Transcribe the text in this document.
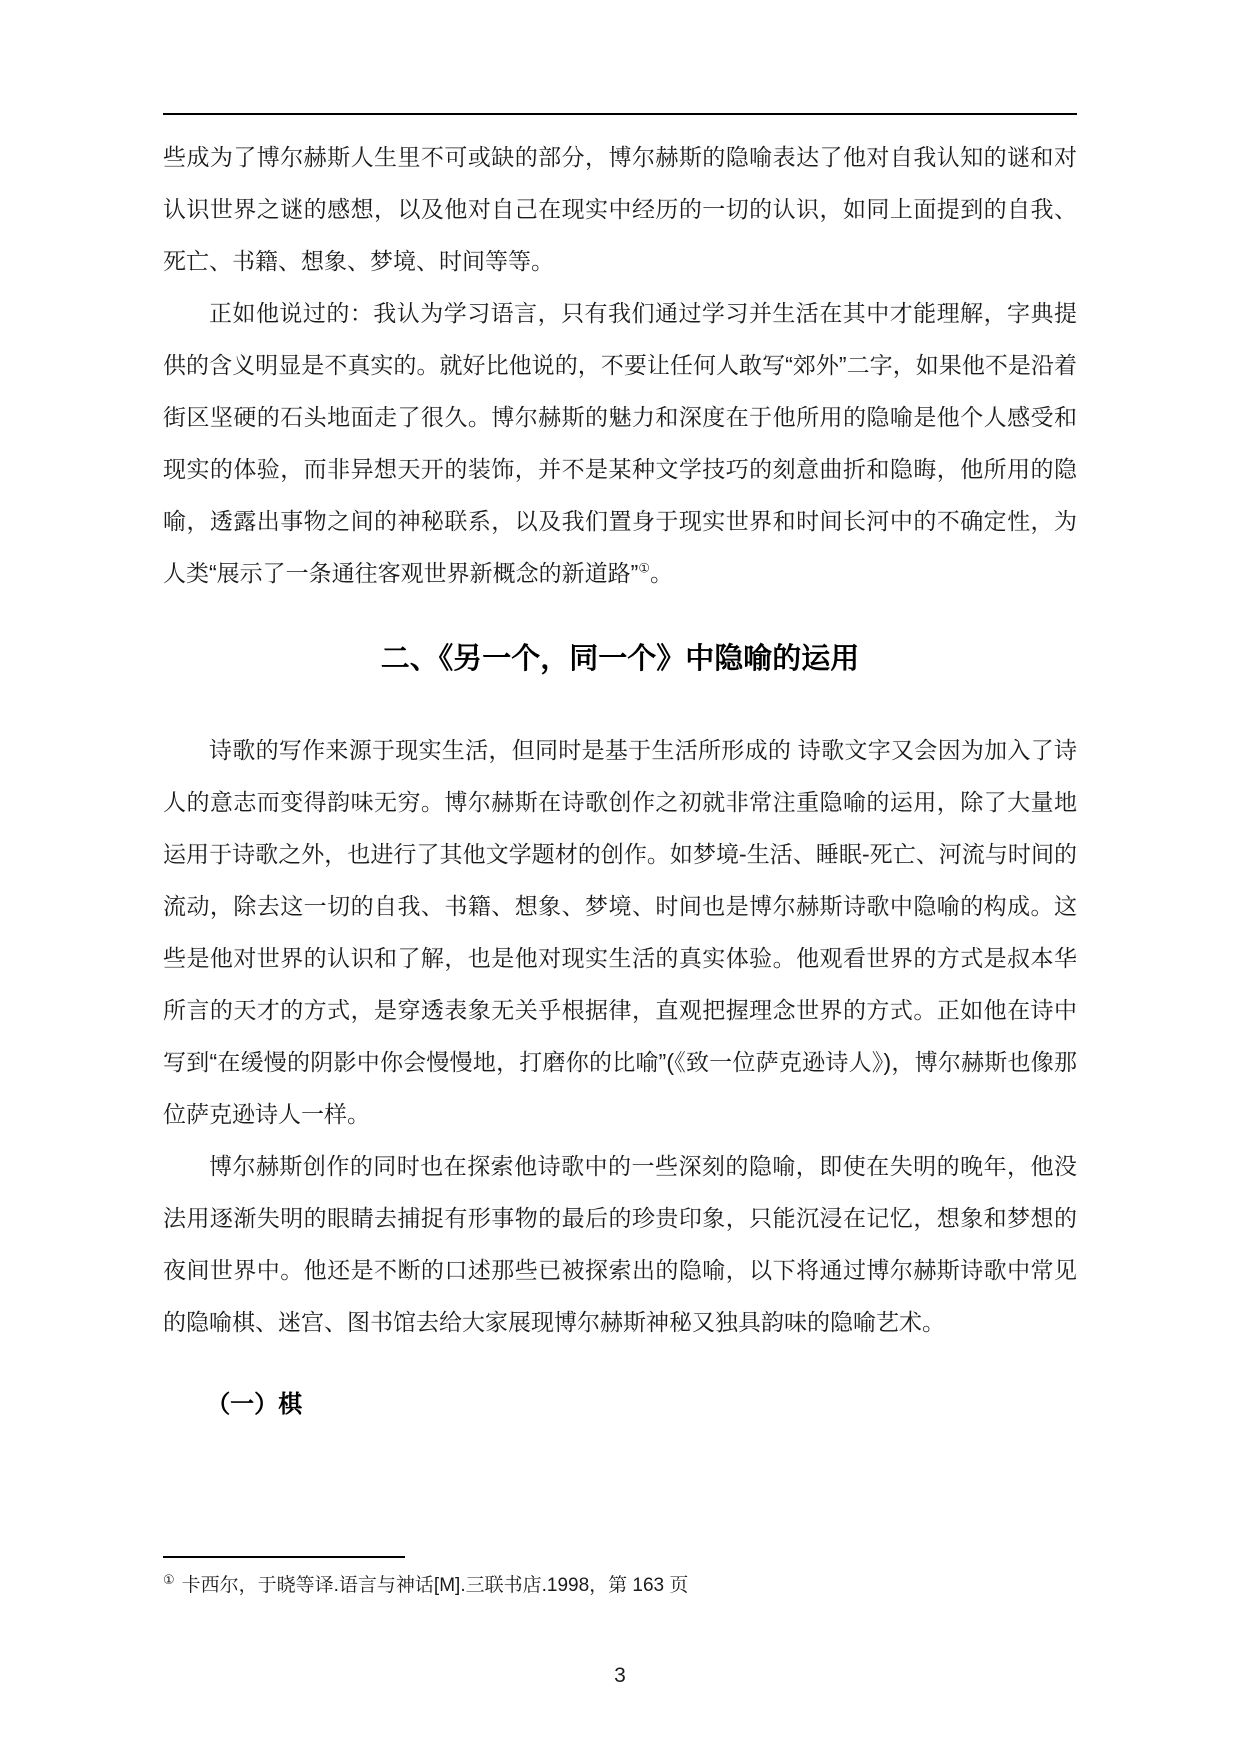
些成为了博尔赫斯人生里不可或缺的部分，博尔赫斯的隐喻表达了他对自我认知的谜和对认识世界之谜的感想，以及他对自己在现实中经历的一切的认识，如同上面提到的自我、死亡、书籍、想象、梦境、时间等等。

正如他说过的：我认为学习语言，只有我们通过学习并生活在其中才能理解，字典提供的含义明显是不真实的。就好比他说的，不要让任何人敢写“郊外”二字，如果他不是沿着街区坚硬的石头地面走了很久。博尔赫斯的魅力和深度在于他所用的隐喻是他个人感受和现实的体验，而非异想天开的装饰，并不是某种文学技巧的刻意曲折和隐晦，他所用的隐喻，透露出事物之间的神秘联系，以及我们置身于现实世界和时间长河中的不确定性，为人类“展示了一条通往客观世界新概念的新道路”①。

二、《另一个，同一个》中隐喻的运用

诗歌的写作来源于现实生活，但同时是基于生活所形成的 诗歌文字又会因为加入了诗人的意志而变得韵味无穷。博尔赫斯在诗歌创作之初就非常注重隐喻的运用，除了大量地运用于诗歌之外，也进行了其他文学题材的创作。如梦境-生活、睡眠-死亡、河流与时间的流动，除去这一切的自我、书籍、想象、梦境、时间也是博尔赫斯诗歌中隐喻的构成。这些是他对世界的认识和了解，也是他对现实生活的真实体验。他观看世界的方式是叔本华所言的天才的方式，是穿透表象无关乎根据律，直观把握理念世界的方式。正如他在诗中写到“在缓慢的阴影中你会慢慢地，打磨你的比喻”(《致一位萨克逊诗人》)，博尔赫斯也像那位萨克逊诗人一样。

博尔赫斯创作的同时也在探索他诗歌中的一些深刻的隐喻，即使在失明的晚年，他没法用逐渐失明的眼睛去捕捉有形事物的最后的珍贵印象，只能沉浸在记忆，想象和梦想的夜间世界中。他还是不断的口述那些已被探索出的隐喻，以下将通过博尔赫斯诗歌中常见的隐喻棋、迷宫、图书馆去给大家展现博尔赫斯神秘又独具韵味的隐喻艺术。

（一）棋
① 卡西尔，于晓等译.语言与神话[M].三联书店.1998，第 163 页
3
